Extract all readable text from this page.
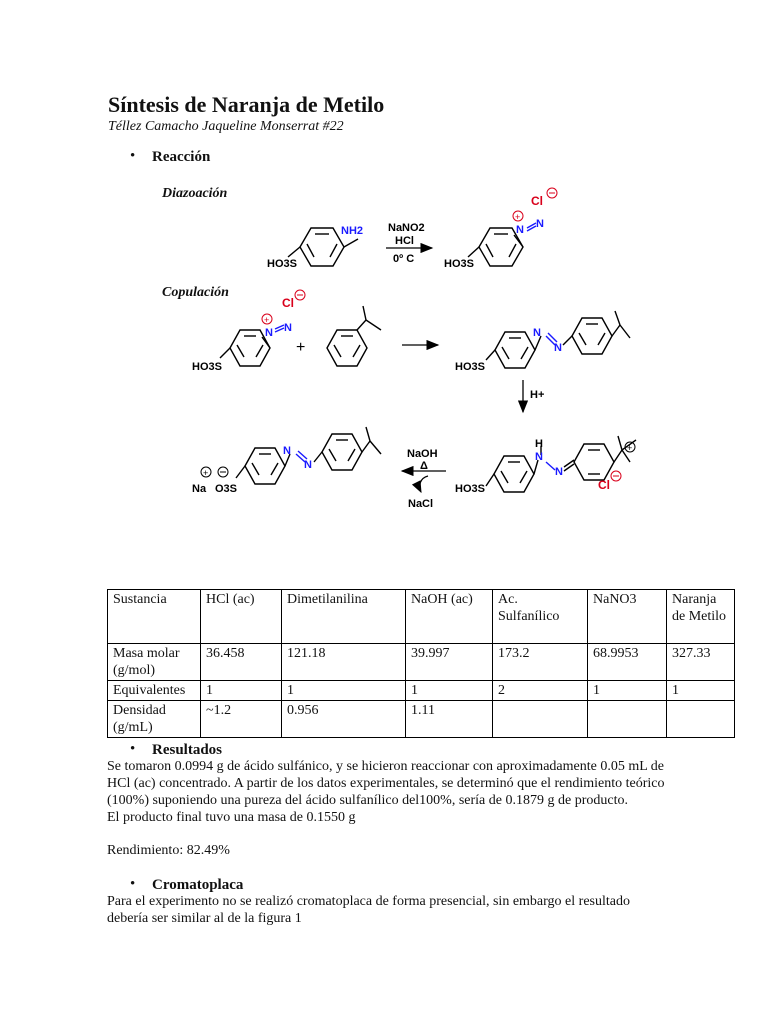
Síntesis de Naranja de Metilo
Téllez Camacho Jaqueline Monserrat #22
• Reacción
Diazoación
Copulación
NH2
HO3S
NaNO2
HCl
0º C
N N
+
Cl
HO3S
N N
+
Cl
HO3S
+
N
N
HO3S
H+
H
N
N
+
Cl
HO3S
NaOH
Δ
NaCl
N
N
+
Na O3S
Sustancia	HCl (ac)	Dimetilanilina	NaOH (ac)	Ac. Sulfanílico	NaNO3	Naranja de Metilo
Masa molar (g/mol)	36.458	121.18	39.997	173.2	68.9953	327.33
Equivalentes	1	1	1	2	1	1
Densidad (g/mL)	~1.2	0.956	1.11			
• Resultados
Se tomaron 0.0994 g de ácido sulfánico, y se hicieron reaccionar con aproximadamente 0.05 mL de
HCl (ac) concentrado. A partir de los datos experimentales, se determinó que el rendimiento teórico
(100%) suponiendo una pureza del ácido sulfanílico del100%, sería de 0.1879 g de producto.
El producto final tuvo una masa de 0.1550 g
Rendimiento: 82.49%
• Cromatoplaca
Para el experimento no se realizó cromatoplaca de forma presencial, sin embargo el resultado
debería ser similar al de la figura 1
